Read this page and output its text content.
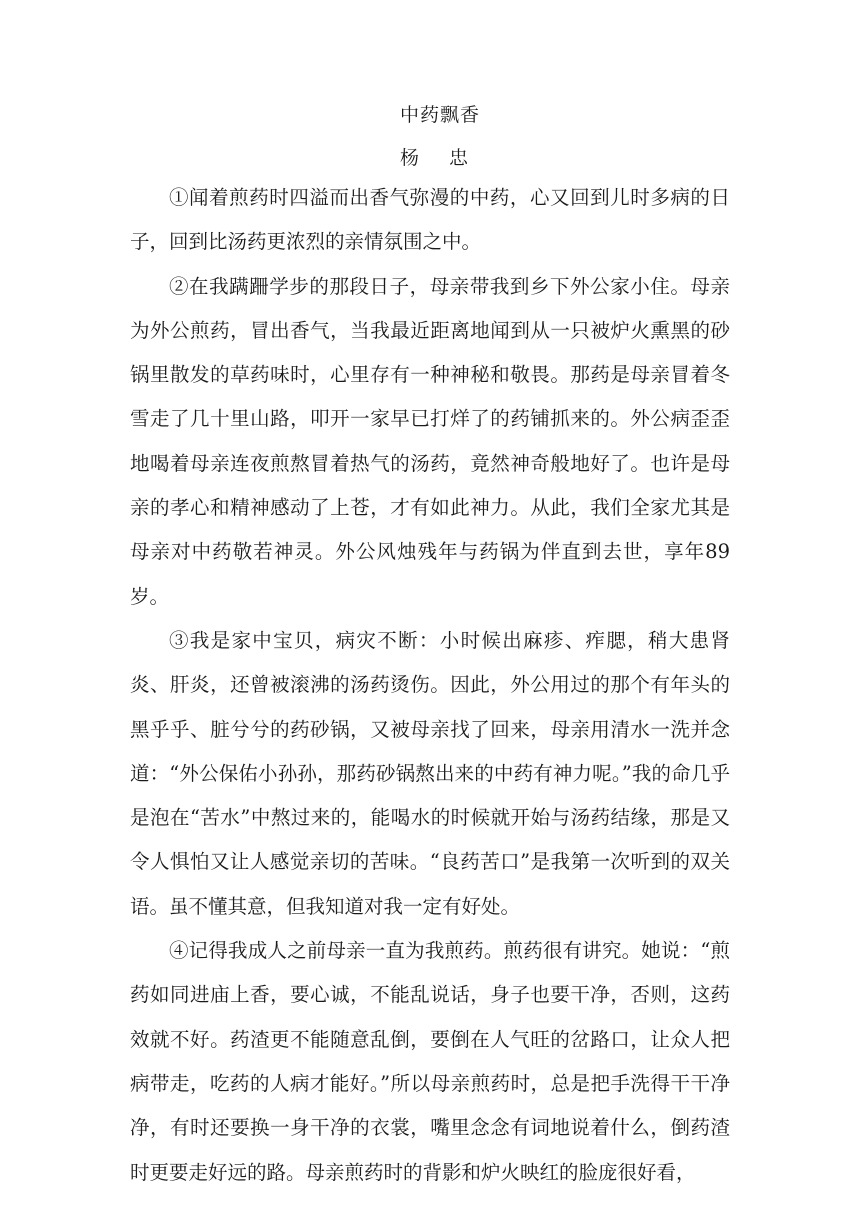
中药飘香
杨 忠

①闻着煎药时四溢而出香气弥漫的中药，心又回到儿时多病的日子，回到比汤药更浓烈的亲情氛围之中。

②在我蹒跚学步的那段日子，母亲带我到乡下外公家小住。母亲为外公煎药，冒出香气，当我最近距离地闻到从一只被炉火熏黑的砂锅里散发的草药味时，心里存有一种神秘和敬畏。那药是母亲冒着冬雪走了几十里山路，叩开一家早已打烊了的药铺抓来的。外公病歪歪地喝着母亲连夜煎熬冒着热气的汤药，竟然神奇般地好了。也许是母亲的孝心和精神感动了上苍，才有如此神力。从此，我们全家尤其是母亲对中药敬若神灵。外公风烛残年与药锅为伴直到去世，享年89岁。

③我是家中宝贝，病灾不断：小时候出麻疹、痄腮，稍大患肾炎、肝炎，还曾被滚沸的汤药烫伤。因此，外公用过的那个有年头的黑乎乎、脏兮兮的药砂锅，又被母亲找了回来，母亲用清水一洗并念道：“外公保佑小孙孙，那药砂锅熬出来的中药有神力呢。”我的命几乎是泡在“苦水”中熬过来的，能喝水的时候就开始与汤药结缘，那是又令人惧怕又让人感觉亲切的苦味。“良药苦口”是我第一次听到的双关语。虽不懂其意，但我知道对我一定有好处。

④记得我成人之前母亲一直为我煎药。煎药很有讲究。她说：“煎药如同进庙上香，要心诚，不能乱说话，身子也要干净，否则，这药效就不好。药渣更不能随意乱倒，要倒在人气旺的岔路口，让众人把病带走，吃药的人病才能好。”所以母亲煎药时，总是把手洗得干干净净，有时还要换一身干净的衣裳，嘴里念念有词地说着什么，倒药渣时更要走好远的路。母亲煎药时的背影和炉火映红的脸庞很好看，
